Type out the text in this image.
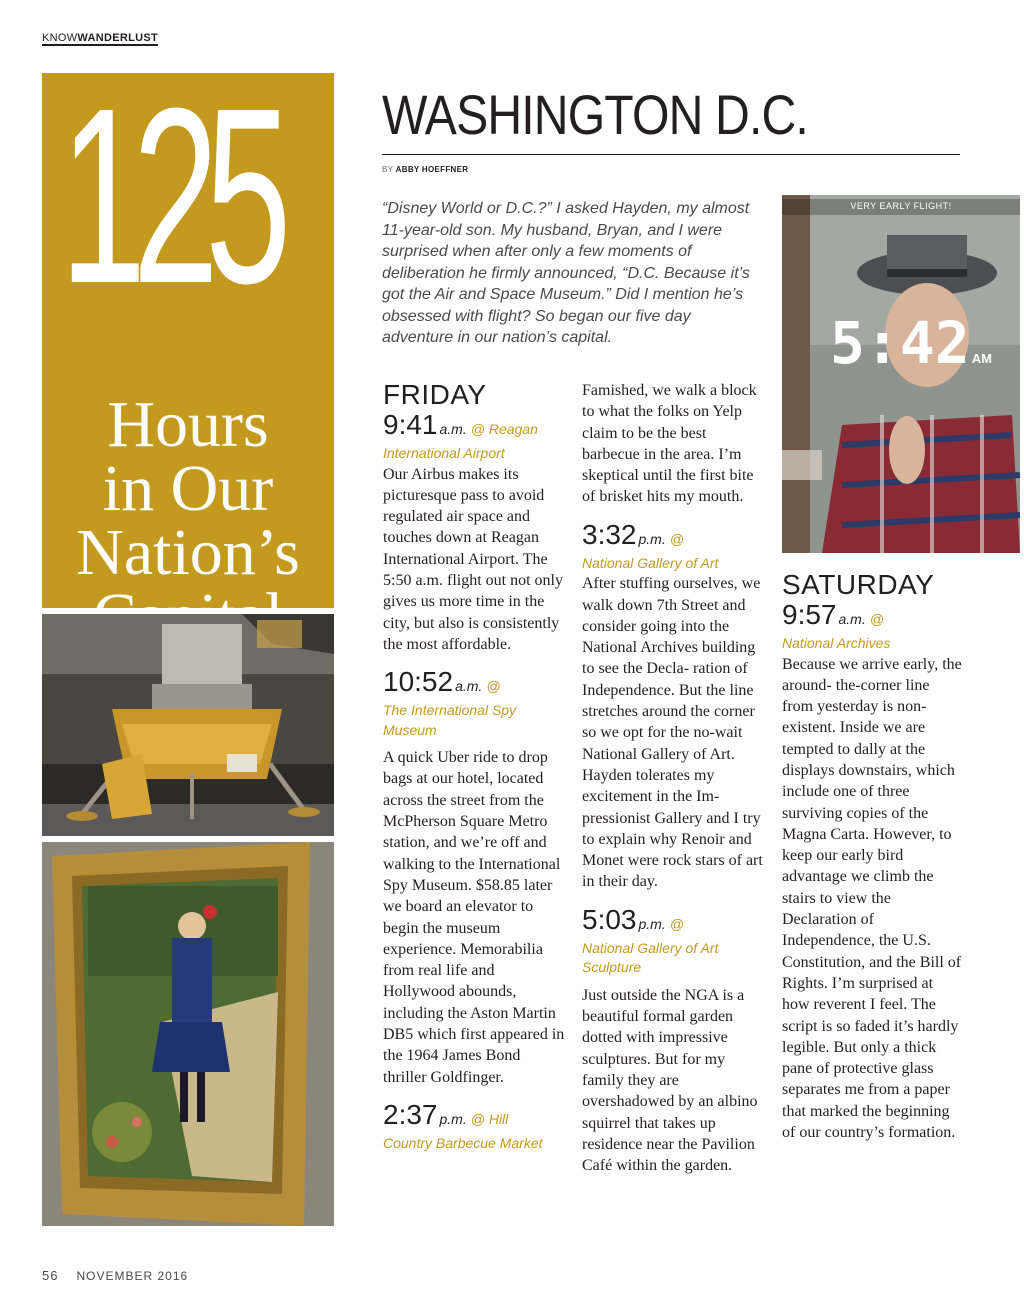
KNOWWANDERLUST
125
Hours
in Our
Nation’s
VERY EARLY FLIGHT!
5:42 AM
WASHINGTON D.C.
BY ABBY HOEFFNER
“Disney World or D.C.?” I asked Hayden, my almost 11-year-old son. My husband, Bryan, and I were surprised when after only a few moments of deliberation he firmly announced, “D.C. Because it’s got the Air and Space Museum.” Did I mention he’s obsessed with flight? So began our five day adventure in our nation’s capital.
FRIDAY
9:41 a.m. @ Reagan
International Airport
Our Airbus makes its picturesque pass to avoid regulated air space and touches down at Reagan International Airport. The 5:50 a.m. flight out not only gives us more time in the city, but also is consistently the most affordable.
10:52 a.m. @
The International Spy Museum
A quick Uber ride to drop bags at our hotel, located across the street from the McPherson Square Metro station, and we’re off and walking to the International Spy Museum. $58.85 later we board an elevator to begin the museum experience. Memorabilia from real life and Hollywood abounds, including the Aston Martin DB5 which first appeared in the 1964 James Bond thriller Goldfinger.
2:37 p.m. @ Hill
Country Barbecue Market
Famished, we walk a block to what the folks on Yelp claim to be the best barbecue in the area. I’m skeptical until the first bite of brisket hits my mouth.
3:32 p.m. @
National Gallery of Art
After stuffing ourselves, we walk down 7th Street and consider going into the National Archives building to see the Decla- ration of Independence. But the line stretches around the corner so we opt for the no-wait National Gallery of Art. Hayden tolerates my excitement in the Im- pressionist Gallery and I try to explain why Renoir and Monet were rock stars of art in their day.
5:03 p.m. @
National Gallery of Art Sculpture
Just outside the NGA is a beautiful formal garden dotted with impressive sculptures. But for my family they are overshadowed by an albino squirrel that takes up residence near the Pavilion Café within the garden.
SATURDAY
9:57 a.m. @
National Archives
Because we arrive early, the around- the-corner line from yesterday is non- existent. Inside we are tempted to dally at the displays downstairs, which include one of three surviving copies of the Magna Carta. However, to keep our early bird advantage we climb the stairs to view the Declaration of Independence, the U.S. Constitution, and the Bill of Rights. I’m surprised at how reverent I feel. The script is so faded it’s hardly legible. But only a thick pane of protective glass separates me from a paper that marked the beginning of our country’s formation.
56 NOVEMBER 2016
